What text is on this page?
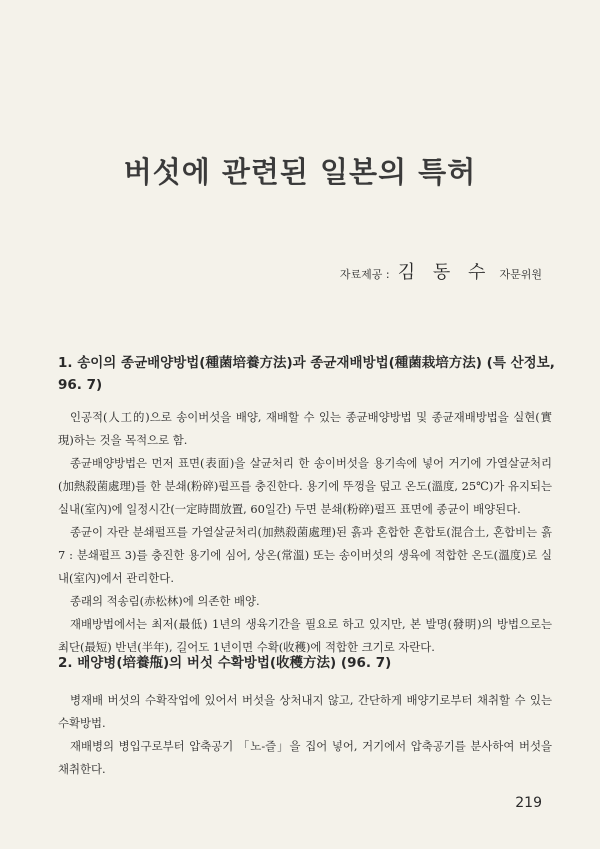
버섯에 관련된 일본의 특허
자료제공 : 김 동 수 자문위원
1. 송이의 종균배양방법(種菌培養方法)과 종균재배방법(種菌栽培方法) (특 산정보, 96. 7)

인공적(人工的)으로 송이버섯을 배양, 재배할 수 있는 종균배양방법 및 종균재배방법을 실현(實現)하는 것을 목적으로 함.

종균배양방법은 먼저 표면(表面)을 살균처리 한 송이버섯을 용기속에 넣어 거기에 가열살균처리(加熱殺菌處理)를 한 분쇄(粉碎)펄프를 충진한다. 용기에 뚜껑을 덮고 온도(溫度, 25℃)가 유지되는 실내(室內)에 일정시간(一定時間放置, 60일간) 두면 분쇄(粉碎)펄프 표면에 종균이 배양된다.

종균이 자란 분쇄펄프를 가열살균처리(加熱殺菌處理)된 흙과 혼합한 혼합토(混合土, 혼합비는 흙7 : 분쇄펄프 3)를 충진한 용기에 심어, 상온(常溫) 또는 송이버섯의 생육에 적합한 온도(溫度)로 실내(室內)에서 관리한다.

종래의 적송림(赤松林)에 의존한 배양.

재배방법에서는 최저(最低) 1년의 생육기간을 필요로 하고 있지만, 본 발명(發明)의 방법으로는 최단(最短) 반년(半年), 길어도 1년이면 수확(收穫)에 적합한 크기로 자란다.

2. 배양병(培養甁)의 버섯 수확방법(收穫方法) (96. 7)

병재배 버섯의 수확작업에 있어서 버섯을 상처내지 않고, 간단하게 배양기로부터 채취할 수 있는 수확방법.

재배병의 병입구로부터 압축공기 「노-즐」을 집어 넣어, 거기에서 압축공기를 분사하여 버섯을 채취한다.

219
